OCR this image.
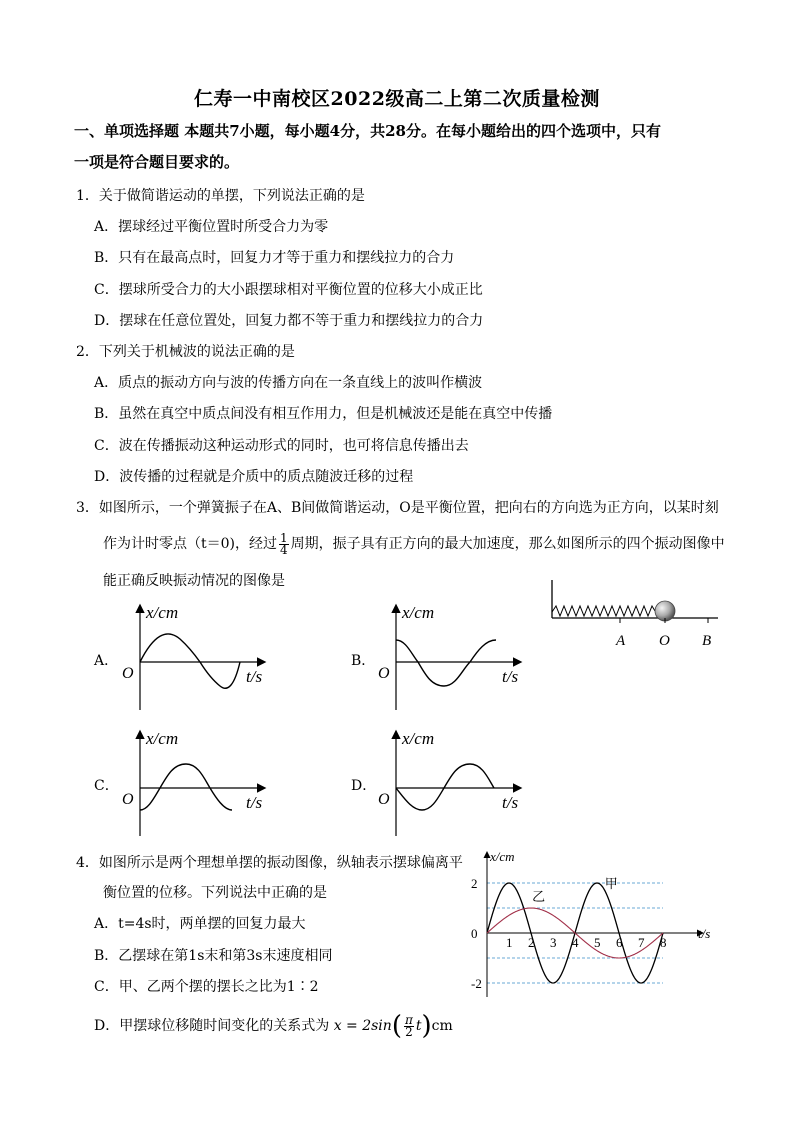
仁寿一中南校区2022级高二上第二次质量检测
一、单项选择题 本题共7小题，每小题4分，共28分。在每小题给出的四个选项中，只有
一项是符合题目要求的。
1．关于做简谐运动的单摆，下列说法正确的是
A．摆球经过平衡位置时所受合力为零
B．只有在最高点时，回复力才等于重力和摆线拉力的合力
C．摆球所受合力的大小跟摆球相对平衡位置的位移大小成正比
D．摆球在任意位置处，回复力都不等于重力和摆线拉力的合力
2．下列关于机械波的说法正确的是
A．质点的振动方向与波的传播方向在一条直线上的波叫作横波
B．虽然在真空中质点间没有相互作用力，但是机械波还是能在真空中传播
C．波在传播振动这种运动形式的同时，也可将信息传播出去
D．波传播的过程就是介质中的质点随波迁移的过程
3．如图所示，一个弹簧振子在A、B间做简谐运动，O是平衡位置，把向右的方向选为正方向，以某时刻
作为计时零点（t＝0)，经过 $\frac{1}{4}$ 周期，振子具有正方向的最大加速度，那么如图所示的四个振动图像中
能正确反映振动情况的图像是
A O B
A．
x/cm
O	t/s
B．
x/cm
O	t/s
C．
x/cm
O	t/s
D．
x/cm
O	t/s
4．如图所示是两个理想单摆的振动图像，纵轴表示摆球偏离平
衡位置的位移。下列说法中正确的是
A．t=4s时，两单摆的回复力最大
B．乙摆球在第1s末和第3s末速度相同
C．甲、乙两个摆的摆长之比为1∶2
D．甲摆球位移随时间变化的关系式为 $x = 2\sin( \frac{\pi}{2} t)cm$
x/cm
t/s
1 2 3 4 5 6 7 8
2
0
-2
甲
乙
